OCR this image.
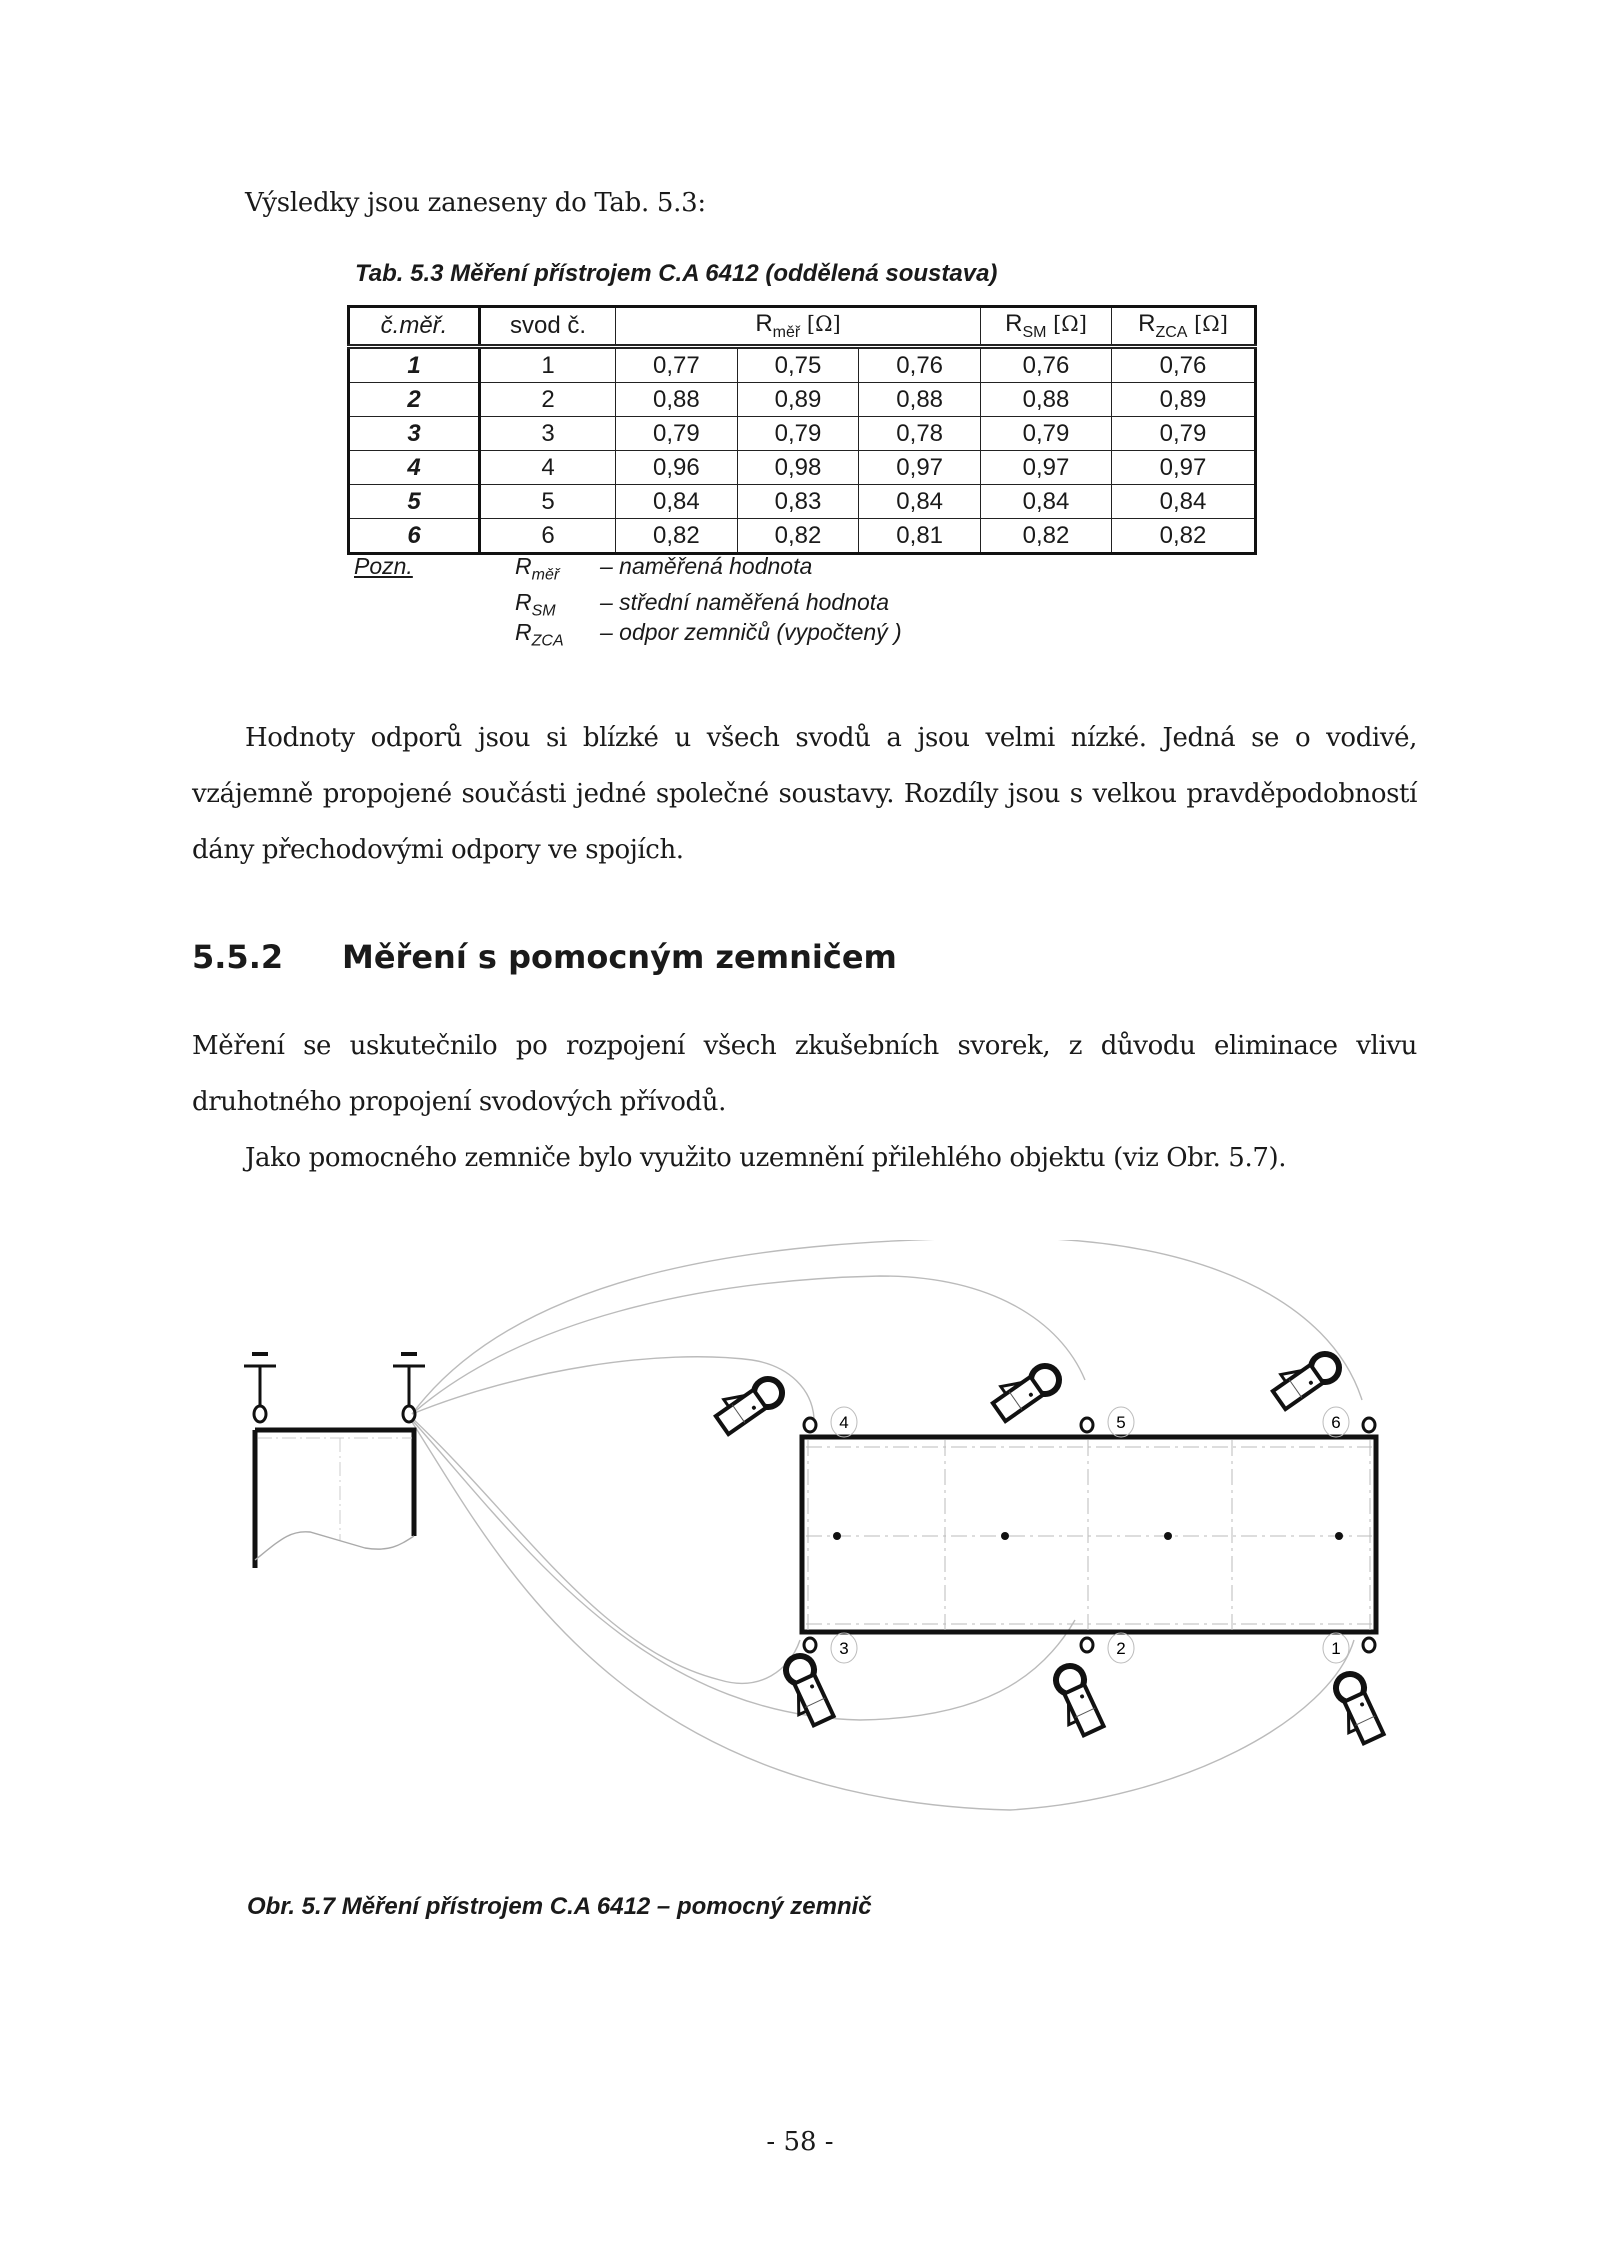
Výsledky jsou zaneseny do Tab. 5.3:
Tab. 5.3 Měření přístrojem C.A 6412 (oddělená soustava)
č.měř.	svod č.	$R_{měř}$ [Ω]			$R_{SM}$ [Ω]	$R_{ZCA}$ [Ω]
1	1	0,77	0,75	0,76	0,76	0,76
2	2	0,88	0,89	0,88	0,88	0,89
3	3	0,79	0,79	0,78	0,79	0,79
4	4	0,96	0,98	0,97	0,97	0,97
5	5	0,84	0,83	0,84	0,84	0,84
6	6	0,82	0,82	0,81	0,82	0,82
Pozn.	$R_{měř}$ – naměřená hodnota
$R_{SM}$ – střední naměřená hodnota
$R_{ZCA}$ – odpor zemničů (vypočtený )
Hodnoty odporů jsou si blízké u všech svodů a jsou velmi nízké. Jedná se o vodivé, vzájemně propojené součásti jedné společné soustavy. Rozdíly jsou s velkou pravděpodobností dány přechodovými odpory ve spojích.
5.5.2 Měření s pomocným zemničem
Měření se uskutečnilo po rozpojení všech zkušebních svorek, z důvodu eliminace vlivu druhotného propojení svodových přívodů.
Jako pomocného zemniče bylo využito uzemnění přilehlého objektu (viz Obr. 5.7).
4	5	6
3	2	1
Obr. 5.7 Měření přístrojem C.A 6412 – pomocný zemnič
- 58 -
